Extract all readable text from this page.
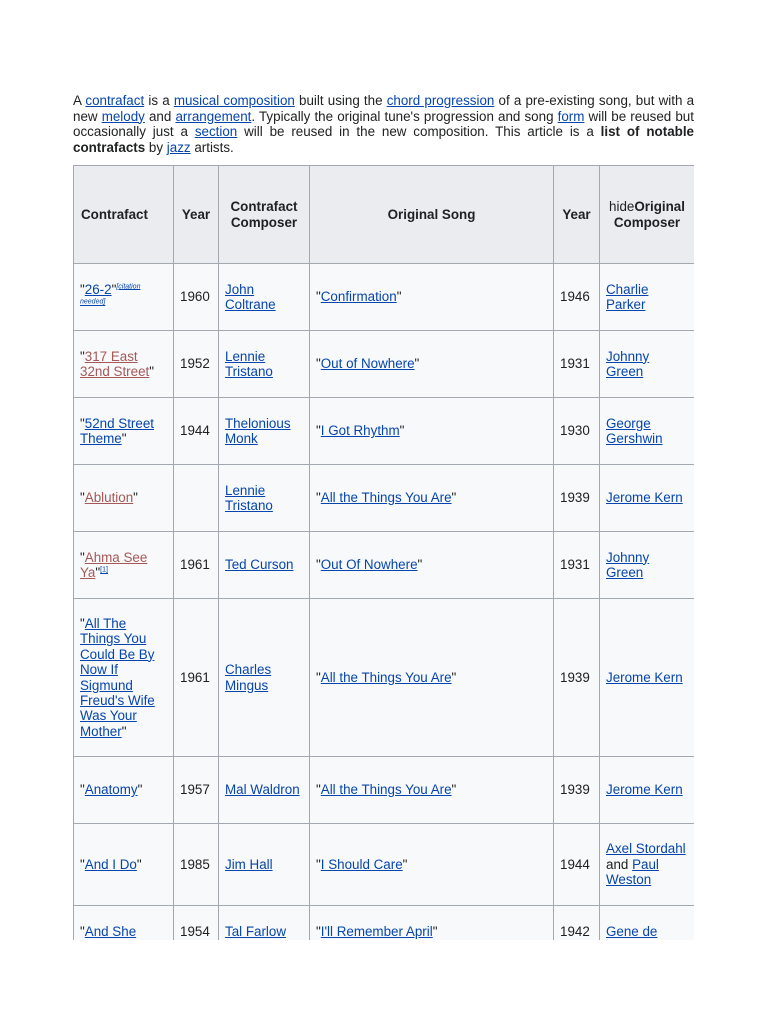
A contrafact is a musical composition built using the chord progression of a pre-existing song, but with a new melody and arrangement. Typically the original tune's progression and song form will be reused but occasionally just a section will be reused in the new composition. This article is a list of notable contrafacts by jazz artists.

Contrafact	Year	Contrafact Composer	Original Song	Year	hideOriginal Composer
"26-2"[citation needed]	1960	John Coltrane	"Confirmation"	1946	Charlie Parker
"317 East 32nd Street"	1952	Lennie Tristano	"Out of Nowhere"	1931	Johnny Green
"52nd Street Theme"	1944	Thelonious Monk	"I Got Rhythm"	1930	George Gershwin
"Ablution"		Lennie Tristano	"All the Things You Are"	1939	Jerome Kern
"Ahma See Ya"[1]	1961	Ted Curson	"Out Of Nowhere"	1931	Johnny Green
"All The Things You Could Be By Now If Sigmund Freud's Wife Was Your Mother"	1961	Charles Mingus	"All the Things You Are"	1939	Jerome Kern
"Anatomy"	1957	Mal Waldron	"All the Things You Are"	1939	Jerome Kern
"And I Do"	1985	Jim Hall	"I Should Care"	1944	Axel Stordahl and Paul Weston
"And She	1954	Tal Farlow	"I'll Remember April"	1942	Gene de
